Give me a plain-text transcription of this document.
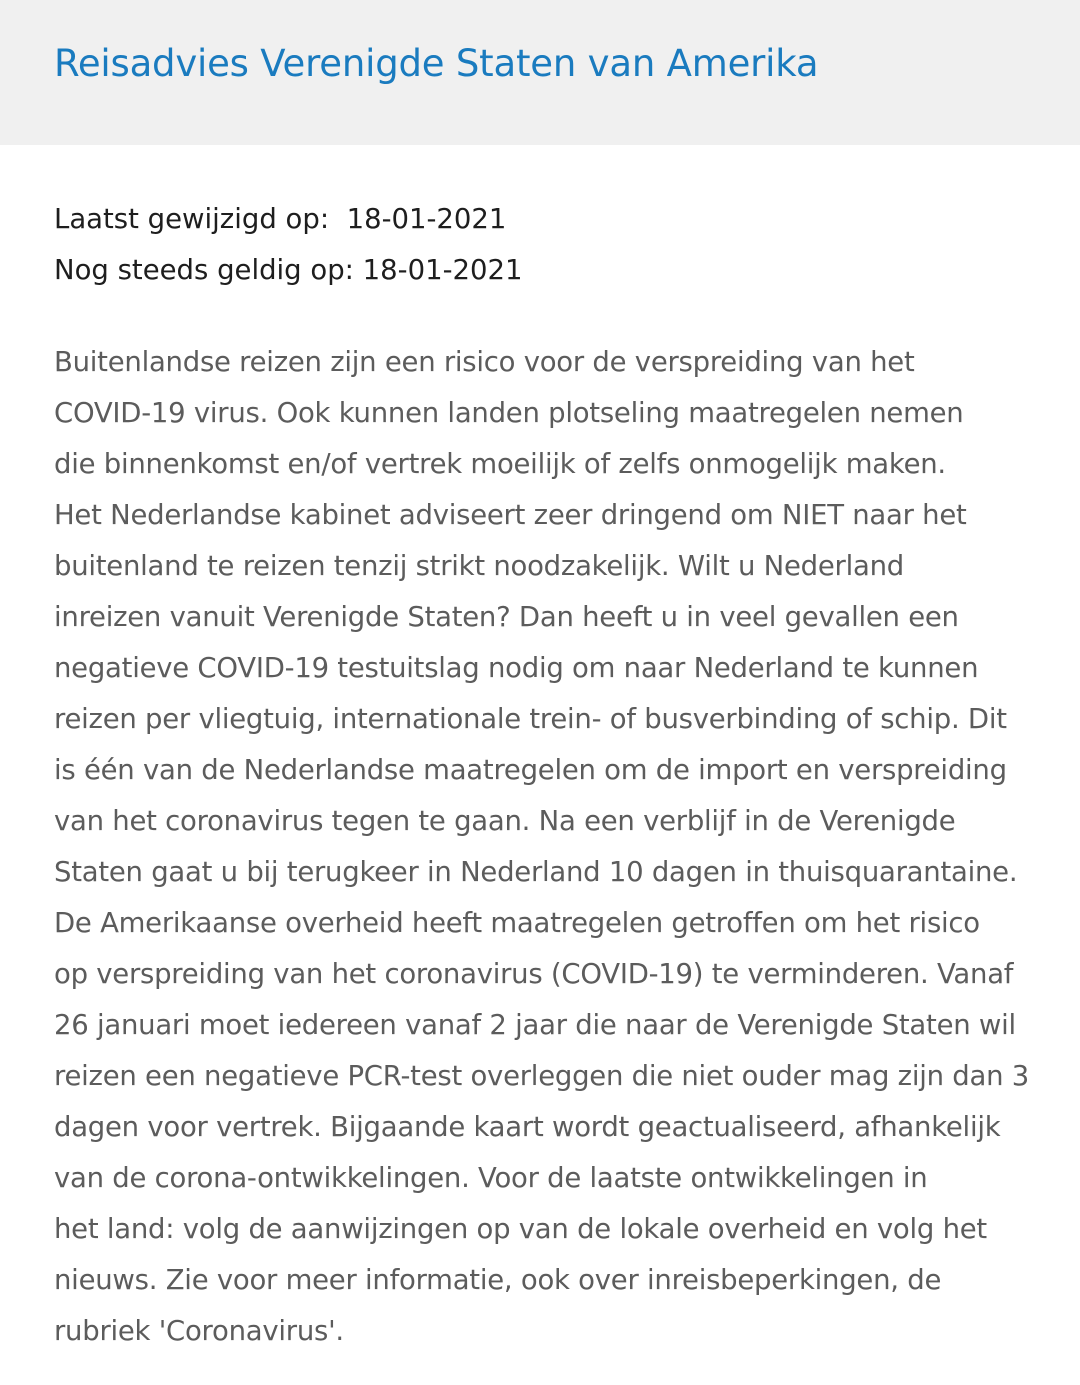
Reisadvies Verenigde Staten van Amerika
Laatst gewijzigd op: 18-01-2021
Nog steeds geldig op: 18-01-2021

Buitenlandse reizen zijn een risico voor de verspreiding van het
COVID-19 virus. Ook kunnen landen plotseling maatregelen nemen
die binnenkomst en/of vertrek moeilijk of zelfs onmogelijk maken.
Het Nederlandse kabinet adviseert zeer dringend om NIET naar het
buitenland te reizen tenzij strikt noodzakelijk. Wilt u Nederland
inreizen vanuit Verenigde Staten? Dan heeft u in veel gevallen een
negatieve COVID-19 testuitslag nodig om naar Nederland te kunnen
reizen per vliegtuig, internationale trein- of busverbinding of schip. Dit
is één van de Nederlandse maatregelen om de import en verspreiding
van het coronavirus tegen te gaan. Na een verblijf in de Verenigde
Staten gaat u bij terugkeer in Nederland 10 dagen in thuisquarantaine.
De Amerikaanse overheid heeft maatregelen getroffen om het risico
op verspreiding van het coronavirus (COVID-19) te verminderen. Vanaf
26 januari moet iedereen vanaf 2 jaar die naar de Verenigde Staten wil
reizen een negatieve PCR-test overleggen die niet ouder mag zijn dan 3
dagen voor vertrek. Bijgaande kaart wordt geactualiseerd, afhankelijk
van de corona-ontwikkelingen. Voor de laatste ontwikkelingen in
het land: volg de aanwijzingen op van de lokale overheid en volg het
nieuws. Zie voor meer informatie, ook over inreisbeperkingen, de
rubriek 'Coronavirus'.
